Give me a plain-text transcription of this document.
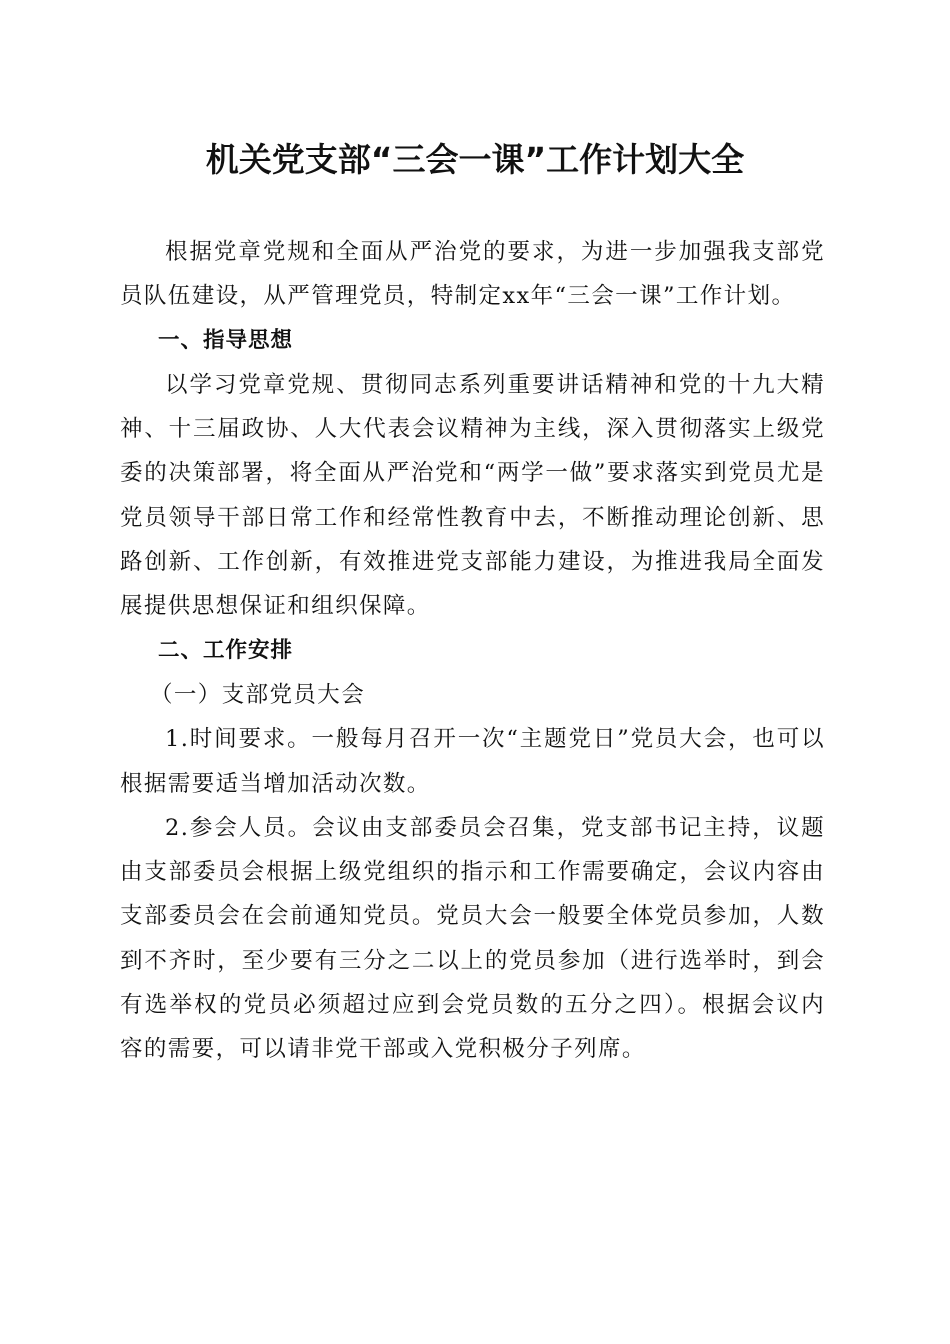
机关党支部“三会一课”工作计划大全

根据党章党规和全面从严治党的要求，为进一步加强我支部党员队伍建设，从严管理党员，特制定xx年“三会一课”工作计划。

一、指导思想

以学习党章党规、贯彻同志系列重要讲话精神和党的十九大精神、十三届政协、人大代表会议精神为主线，深入贯彻落实上级党委的决策部署，将全面从严治党和“两学一做”要求落实到党员尤是党员领导干部日常工作和经常性教育中去，不断推动理论创新、思路创新、工作创新，有效推进党支部能力建设，为推进我局全面发展提供思想保证和组织保障。

二、工作安排

（一）支部党员大会

1.时间要求。一般每月召开一次“主题党日”党员大会，也可以根据需要适当增加活动次数。

2.参会人员。会议由支部委员会召集，党支部书记主持，议题由支部委员会根据上级党组织的指示和工作需要确定，会议内容由支部委员会在会前通知党员。党员大会一般要全体党员参加，人数到不齐时，至少要有三分之二以上的党员参加（进行选举时，到会有选举权的党员必须超过应到会党员数的五分之四）。根据会议内容的需要，可以请非党干部或入党积极分子列席。
